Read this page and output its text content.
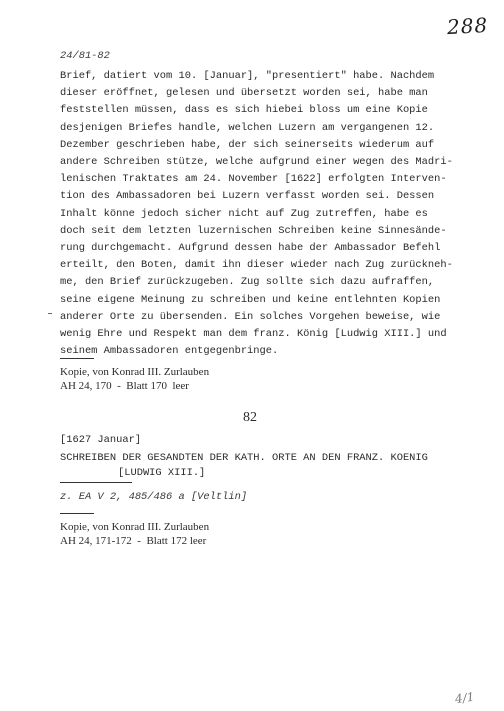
288
24/81-82
Brief, datiert vom 10. [Januar], "presentiert" habe. Nachdem
dieser eröffnet, gelesen und übersetzt worden sei, habe man
feststellen müssen, dass es sich hiebei bloss um eine Kopie
desjenigen Briefes handle, welchen Luzern am vergangenen 12.
Dezember geschrieben habe, der sich seinerseits wiederum auf
andere Schreiben stütze, welche aufgrund einer wegen des Madri-
lenischen Traktates am 24. November [1622] erfolgten Interven-
tion des Ambassadoren bei Luzern verfasst worden sei. Dessen
Inhalt könne jedoch sicher nicht auf Zug zutreffen, habe es
doch seit dem letzten luzernischen Schreiben keine Sinnesände-
rung durchgemacht. Aufgrund dessen habe der Ambassador Befehl
erteilt, den Boten, damit ihn dieser wieder nach Zug zurückneh-
me, den Brief zurückzugeben. Zug sollte sich dazu aufraffen,
seine eigene Meinung zu schreiben und keine entlehnten Kopien
anderer Orte zu übersenden. Ein solches Vorgehen beweise, wie
wenig Ehre und Respekt man dem franz. König [Ludwig XIII.] und
seinem Ambassadoren entgegenbringe.
Kopie, von Konrad III. Zurlauben
AH 24, 170  -  Blatt 170  leer
82
[1627 Januar]
SCHREIBEN DER GESANDTEN DER KATH. ORTE AN DEN FRANZ. KOENIG
[LUDWIG XIII.]
z. EA V 2, 485/486 a [Veltlin]
Kopie, von Konrad III. Zurlauben
AH 24, 171-172  -  Blatt 172 leer
4/1
